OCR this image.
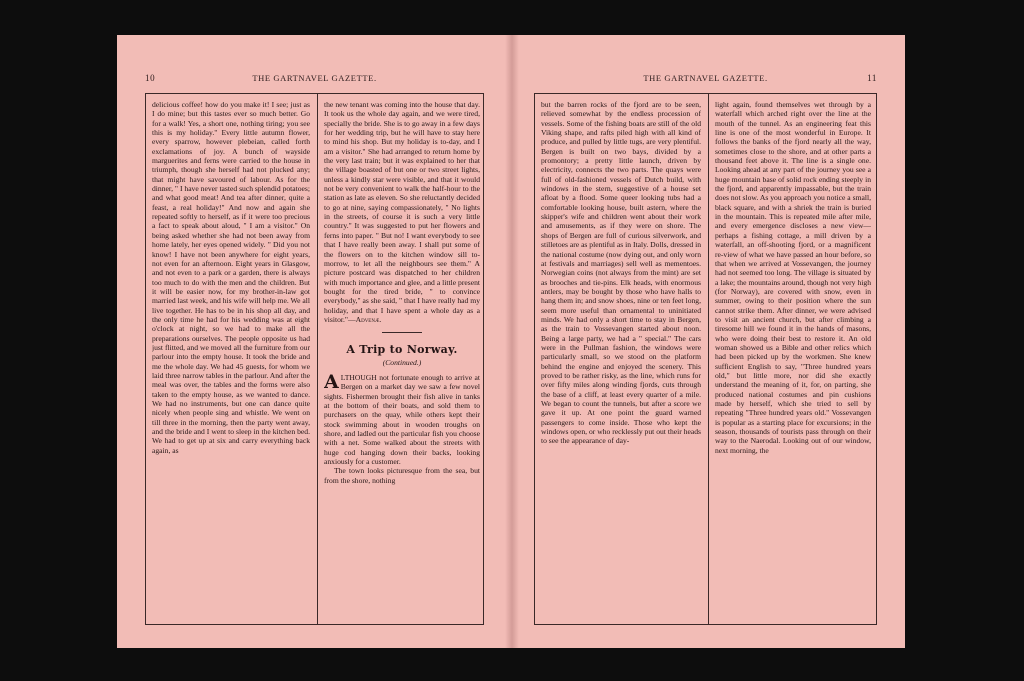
10	THE GARTNAVEL GAZETTE.

delicious coffee! how do you make it! I see; just as I do mine; but this tastes ever so much better. Go for a walk! Yes, a short one, nothing tiring; you see this is my holiday." Every little autumn flower, every sparrow, however plebeian, called forth exclamations of joy. A bunch of wayside marguerites and ferns were carried to the house in triumph, though she herself had not plucked any; that might have savoured of labour. As for the dinner, " I have never tasted such splendid potatoes; and what good meat! And tea after dinner, quite a feast, a real holiday!" And now and again she repeated softly to herself, as if it were too precious a fact to speak about aloud, " I am a visitor." On being asked whether she had not been away from home lately, her eyes opened widely. " Did you not know! I have not been anywhere for eight years, not even for an afternoon. Eight years in Glasgow, and not even to a park or a garden, there is always too much to do with the men and the children. But it will be easier now, for my brother-in-law got married last week, and his wife will help me. We all live together. He has to be in his shop all day, and the only time he had for his wedding was at eight o'clock at night, so we had to make all the preparations ourselves. The people opposite us had just flitted, and we moved all the furniture from our parlour into the empty house. It took the bride and me the whole day. We had 45 guests, for whom we laid three narrow tables in the parlour. And after the meal was over, the tables and the forms were also taken to the empty house, as we wanted to dance. We had no instruments, but one can dance quite nicely when people sing and whistle. We went on till three in the morning, then the party went away, and the bride and I went to sleep in the kitchen bed. We had to get up at six and carry everything back again, as

the new tenant was coming into the house that day. It took us the whole day again, and we were tired, specially the bride. She is to go away in a few days for her wedding trip, but he will have to stay here to mind his shop. But my holiday is to-day, and I am a visitor." She had arranged to return home by the very last train; but it was explained to her that the village boasted of but one or two street lights, unless a kindly star were visible, and that it would not be very convenient to walk the half-hour to the station as late as eleven. So she reluctantly decided to go at nine, saying compassionately, " No lights in the streets, of course it is such a very little country." It was suggested to put her flowers and ferns into paper. " But no! I want everybody to see that I have really been away. I shall put some of the flowers on to the kitchen window sill to-morrow, to let all the neighbours see them." A picture postcard was dispatched to her children with much importance and glee, and a little present bought for the tired bride, " to convince everybody," as she said, " that I have really had my holiday, and that I have spent a whole day as a visitor."—Advenæ.

A Trip to Norway.
(Continued.)

ALTHOUGH not fortunate enough to arrive at Bergen on a market day we saw a few novel sights. Fishermen brought their fish alive in tanks at the bottom of their boats, and sold them to purchasers on the quay, while others kept their stock swimming about in wooden troughs on shore, and ladled out the particular fish you choose with a net. Some walked about the streets with huge cod hanging down their backs, looking anxiously for a customer.

The town looks picturesque from the sea, but from the shore, nothing

THE GARTNAVEL GAZETTE.	11

but the barren rocks of the fjord are to be seen, relieved somewhat by the endless procession of vessels. Some of the fishing boats are still of the old Viking shape, and rafts piled high with all kind of produce, and pulled by little tugs, are very plentiful. Bergen is built on two bays, divided by a promontory; a pretty little launch, driven by electricity, connects the two parts. The quays were full of old-fashioned vessels of Dutch build, with windows in the stern, suggestive of a house set afloat by a flood. Some queer looking tubs had a comfortable looking house, built astern, where the skipper's wife and children went about their work and amusements, as if they were on shore. The shops of Bergen are full of curious silverwork, and stilletoes are as plentiful as in Italy. Dolls, dressed in the national costume (now dying out, and only worn at festivals and marriages) sell well as mementoes. Norwegian coins (not always from the mint) are set as brooches and tie-pins. Elk heads, with enormous antlers, may be bought by those who have halls to hang them in; and snow shoes, nine or ten feet long, seem more useful than ornamental to uninitiated minds. We had only a short time to stay in Bergen, as the train to Vossevangen started about noon. Being a large party, we had a " special." The cars were in the Pullman fashion, the windows were particularly small, so we stood on the platform behind the engine and enjoyed the scenery. This proved to be rather risky, as the line, which runs for over fifty miles along winding fjords, cuts through the base of a cliff, at least every quarter of a mile. We began to count the tunnels, but after a score we gave it up. At one point the guard warned passengers to come inside. Those who kept the windows open, or who recklessly put out their heads to see the appearance of day-

light again, found themselves wet through by a waterfall which arched right over the line at the mouth of the tunnel. As an engineering feat this line is one of the most wonderful in Europe. It follows the banks of the fjord nearly all the way, sometimes close to the shore, and at other parts a thousand feet above it. The line is a single one. Looking ahead at any part of the journey you see a huge mountain base of solid rock ending steeply in the fjord, and apparently impassable, but the train does not slow. As you approach you notice a small, black square, and with a shriek the train is buried in the mountain. This is repeated mile after mile, and every emergence discloses a new view—perhaps a fishing cottage, a mill driven by a waterfall, an off-shooting fjord, or a magnificent re-view of what we have passed an hour before, so that when we arrived at Vossevangen, the journey had not seemed too long. The village is situated by a lake; the mountains around, though not very high (for Norway), are covered with snow, even in summer, owing to their position where the sun cannot strike them. After dinner, we were advised to visit an ancient church, but after climbing a tiresome hill we found it in the hands of masons, who were doing their best to restore it. An old woman showed us a Bible and other relics which had been picked up by the workmen. She knew sufficient English to say, "Three hundred years old," but little more, nor did she exactly understand the meaning of it, for, on parting, she produced national costumes and pin cushions made by herself, which she tried to sell by repeating "Three hundred years old." Vossevangen is popular as a starting place for excursions; in the season, thousands of tourists pass through on their way to the Naerodal. Looking out of our window, next morning, the
